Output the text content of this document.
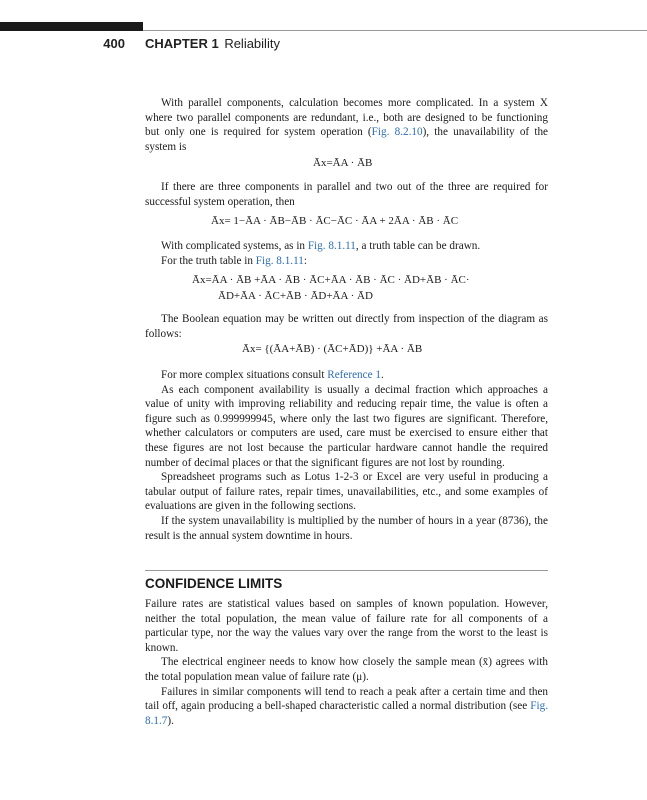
400 CHAPTER 1 Reliability

With parallel components, calculation becomes more complicated. In a system X where two parallel components are redundant, i.e., both are designed to be functioning but only one is required for system operation (Fig. 8.2.10), the unavailability of the system is

Āx=ĀA · ĀB

If there are three components in parallel and two out of the three are required for successful system operation, then

Āx= 1−ĀA · ĀB−ĀB · ĀC−ĀC · ĀA + 2ĀA · ĀB · ĀC

With complicated systems, as in Fig. 8.1.11, a truth table can be drawn.

For the truth table in Fig. 8.1.11:

Āx=ĀA · ĀB +ĀA · ĀB · ĀC+ĀA · ĀB · ĀC · ĀD+ĀB · ĀC·
ĀD+ĀA · ĀC+ĀB · ĀD+ĀA · ĀD

The Boolean equation may be written out directly from inspection of the diagram as follows:

Āx= {(ĀA+ĀB) · (ĀC+ĀD)} +ĀA · ĀB

For more complex situations consult Reference 1.

As each component availability is usually a decimal fraction which approaches a value of unity with improving reliability and reducing repair time, the value is often a figure such as 0.999999945, where only the last two figures are significant. Therefore, whether calculators or computers are used, care must be exercised to ensure either that these figures are not lost because the particular hardware cannot handle the required number of decimal places or that the significant figures are not lost by rounding.

Spreadsheet programs such as Lotus 1-2-3 or Excel are very useful in producing a tabular output of failure rates, repair times, unavailabilities, etc., and some examples of evaluations are given in the following sections.

If the system unavailability is multiplied by the number of hours in a year (8736), the result is the annual system downtime in hours.

CONFIDENCE LIMITS

Failure rates are statistical values based on samples of known population. However, neither the total population, the mean value of failure rate for all components of a particular type, nor the way the values vary over the range from the worst to the least is known.

The electrical engineer needs to know how closely the sample mean (x̄) agrees with the total population mean value of failure rate (μ).

Failures in similar components will tend to reach a peak after a certain time and then tail off, again producing a bell-shaped characteristic called a normal distribution (see Fig. 8.1.7).
